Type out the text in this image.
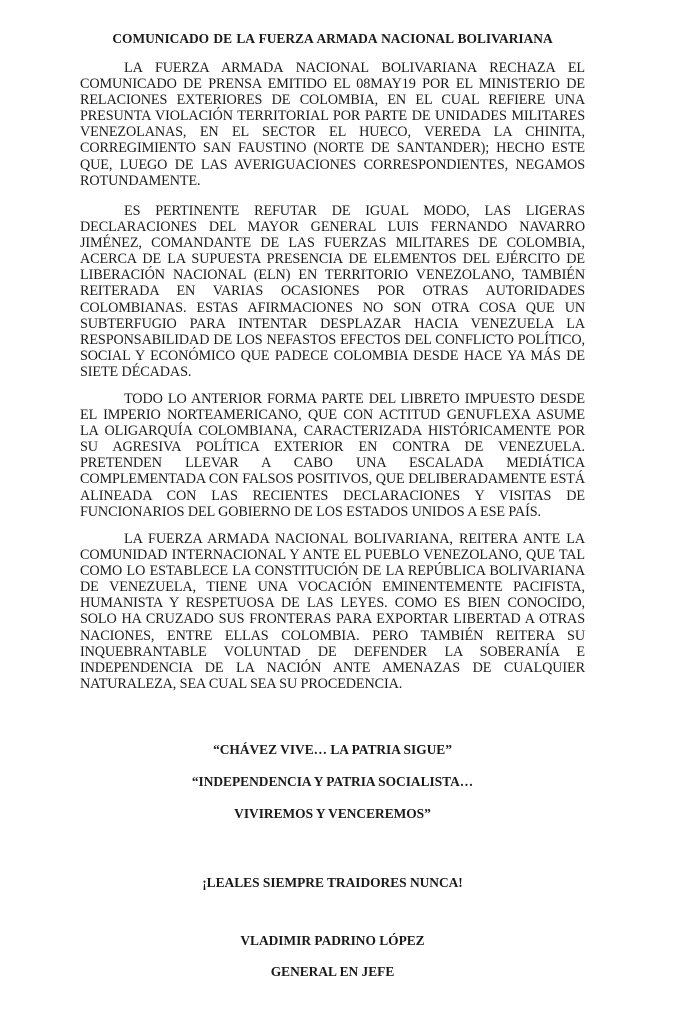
COMUNICADO DE LA FUERZA ARMADA NACIONAL BOLIVARIANA

LA FUERZA ARMADA NACIONAL BOLIVARIANA RECHAZA EL COMUNICADO DE PRENSA EMITIDO EL 08MAY19 POR EL MINISTERIO DE RELACIONES EXTERIORES DE COLOMBIA, EN EL CUAL REFIERE UNA PRESUNTA VIOLACIÓN TERRITORIAL POR PARTE DE UNIDADES MILITARES VENEZOLANAS, EN EL SECTOR EL HUECO, VEREDA LA CHINITA, CORREGIMIENTO SAN FAUSTINO (NORTE DE SANTANDER); HECHO ESTE QUE, LUEGO DE LAS AVERIGUACIONES CORRESPONDIENTES, NEGAMOS ROTUNDAMENTE.

ES PERTINENTE REFUTAR DE IGUAL MODO, LAS LIGERAS DECLARACIONES DEL MAYOR GENERAL LUIS FERNANDO NAVARRO JIMÉNEZ, COMANDANTE DE LAS FUERZAS MILITARES DE COLOMBIA, ACERCA DE LA SUPUESTA PRESENCIA DE ELEMENTOS DEL EJÉRCITO DE LIBERACIÓN NACIONAL (ELN) EN TERRITORIO VENEZOLANO, TAMBIÉN REITERADA EN VARIAS OCASIONES POR OTRAS AUTORIDADES COLOMBIANAS. ESTAS AFIRMACIONES NO SON OTRA COSA QUE UN SUBTERFUGIO PARA INTENTAR DESPLAZAR HACIA VENEZUELA LA RESPONSABILIDAD DE LOS NEFASTOS EFECTOS DEL CONFLICTO POLÍTICO, SOCIAL Y ECONÓMICO QUE PADECE COLOMBIA DESDE HACE YA MÁS DE SIETE DÉCADAS.

TODO LO ANTERIOR FORMA PARTE DEL LIBRETO IMPUESTO DESDE EL IMPERIO NORTEAMERICANO, QUE CON ACTITUD GENUFLEXA ASUME LA OLIGARQUÍA COLOMBIANA, CARACTERIZADA HISTÓRICAMENTE POR SU AGRESIVA POLÍTICA EXTERIOR EN CONTRA DE VENEZUELA. PRETENDEN LLEVAR A CABO UNA ESCALADA MEDIÁTICA COMPLEMENTADA CON FALSOS POSITIVOS, QUE DELIBERADAMENTE ESTÁ ALINEADA CON LAS RECIENTES DECLARACIONES Y VISITAS DE FUNCIONARIOS DEL GOBIERNO DE LOS ESTADOS UNIDOS A ESE PAÍS.

LA FUERZA ARMADA NACIONAL BOLIVARIANA, REITERA ANTE LA COMUNIDAD INTERNACIONAL Y ANTE EL PUEBLO VENEZOLANO, QUE TAL COMO LO ESTABLECE LA CONSTITUCIÓN DE LA REPÚBLICA BOLIVARIANA DE VENEZUELA, TIENE UNA VOCACIÓN EMINENTEMENTE PACIFISTA, HUMANISTA Y RESPETUOSA DE LAS LEYES. COMO ES BIEN CONOCIDO, SOLO HA CRUZADO SUS FRONTERAS PARA EXPORTAR LIBERTAD A OTRAS NACIONES, ENTRE ELLAS COLOMBIA. PERO TAMBIÉN REITERA SU INQUEBRANTABLE VOLUNTAD DE DEFENDER LA SOBERANÍA E INDEPENDENCIA DE LA NACIÓN ANTE AMENAZAS DE CUALQUIER NATURALEZA, SEA CUAL SEA SU PROCEDENCIA.

“CHÁVEZ VIVE… LA PATRIA SIGUE”
“INDEPENDENCIA Y PATRIA SOCIALISTA…
VIVIREMOS Y VENCEREMOS”
¡LEALES SIEMPRE TRAIDORES NUNCA!
VLADIMIR PADRINO LÓPEZ
GENERAL EN JEFE
